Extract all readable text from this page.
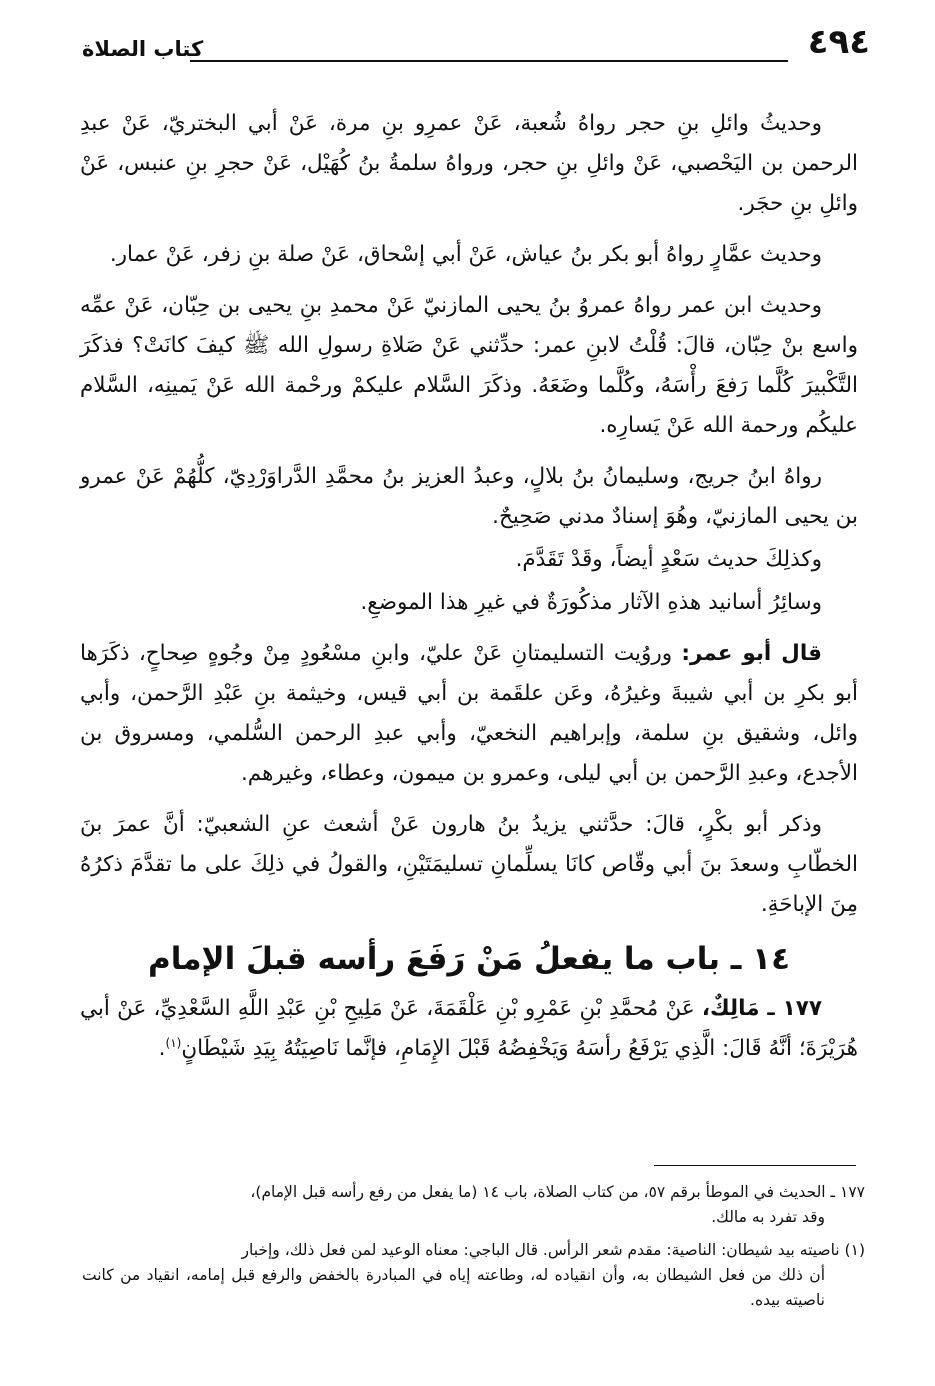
٤٩٤
كتاب الصلاة

وحديثُ وائلِ بنِ حجر رواهُ شُعبة، عَنْ عمرِو بنِ مرة، عَنْ أبي البختريّ، عَنْ عبدِ الرحمن بن اليَحْصبي، عَنْ وائلِ بنِ حجر، ورواهُ سلمةُ بنُ كُهَيْل، عَنْ حجرِ بنِ عنبس، عَنْ وائلِ بنِ حجَر.

وحديث عمَّارٍ رواهُ أبو بكر بنُ عياش، عَنْ أبي إسْحاق، عَنْ صلة بنِ زفر، عَنْ عمار.

وحديث ابن عمر رواهُ عمروُ بنُ يحيى المازنيّ عَنْ محمدِ بنِ يحيى بن حِبّان، عَنْ عمِّه واسع بنْ حِبّان، قالَ: قُلْتُ لابنِ عمر: حدِّثني عَنْ صَلاةِ رسولِ الله ﷺ كيفَ كانَتْ؟ فذكَرَ التَّكْبيرَ كُلَّما رَفعَ رأْسَهُ، وكُلَّما وضَعَهُ. وذكَرَ السَّلام عليكمْ ورحْمة الله عَنْ يَمينِه، السَّلام عليكُم ورحمة الله عَنْ يَسارِه.

رواهُ ابنُ جريج، وسليمانُ بنُ بلالٍ، وعبدُ العزيز بنُ محمَّدِ الدَّراوَرْدِيّ، كلُّهُمْ عَنْ عمرو بن يحيى المازنيّ، وهُوَ إسنادٌ مدني صَحِيحٌ.

وكذلِكَ حديث سَعْدٍ أيضاً، وقَدْ تَقَدَّمَ.

وسائِرُ أسانيد هذهِ الآثار مذكُورَةٌ في غيرِ هذا الموضعِ.

قال أبو عمر: وروُيت التسليمتانِ عَنْ عليّ، وابنِ مسْعُودٍ مِنْ وجُوهٍ صِحاحٍ، ذكَرَها أبو بكرِ بن أبي شيبةَ وغيرُهُ، وعَن علقَمة بن أبي قيس، وخيثمة بنِ عَبْدِ الرَّحمن، وأبي وائل، وشقيق بنِ سلمة، وإبراهيم النخعيّ، وأبي عبدِ الرحمن السُّلمي، ومسروق بن الأجدع، وعبدِ الرَّحمن بن أبي ليلى، وعمرو بن ميمون، وعطاء، وغيرهم.

وذكر أبو بكْرٍ، قالَ: حدَّثني يزيدُ بنُ هارون عَنْ أشعث عنِ الشعبيّ: أنَّ عمرَ بنَ الخطّابِ وسعدَ بنَ أبي وقّاص كانَا يسلِّمانِ تسليمَتَيْنِ، والقولُ في ذلِكَ على ما تقدَّمَ ذكرُهُ مِنَ الإباحَةِ.

١٤ ـ باب ما يفعلُ مَنْ رَفَعَ رأسه قبلَ الإمام

١٧٧ ـ مَالِكٌ، عَنْ مُحمَّدِ بْنِ عَمْرِو بْنِ عَلْقَمَةَ، عَنْ مَلِيحِ بْنِ عَبْدِ اللَّهِ السَّعْدِيِّ، عَنْ أبي هُرَيْرَةَ؛ أنَّهُ قَالَ: الَّذِي يَرْفَعُ رأسَهُ وَيَخْفِضُهُ قَبْلَ الإِمَامِ، فإنَّما نَاصِيَتُهُ بِيَدِ شَيْطَانٍ$^{(١)}$.

١٧٧ ـ الحديث في الموطأ برقم ٥٧، من كتاب الصلاة، باب ١٤ (ما يفعل من رفع رأسه قبل الإمام)،
وقد تفرد به مالك.

(١) ناصيته بيد شيطان: الناصية: مقدم شعر الرأس. قال الباجي: معناه الوعيد لمن فعل ذلك، وإخبار
أن ذلك من فعل الشيطان به، وأن انقياده له، وطاعته إياه في المبادرة بالخفض والرفع قبل إمامه، انقياد من كانت ناصيته بيده.
